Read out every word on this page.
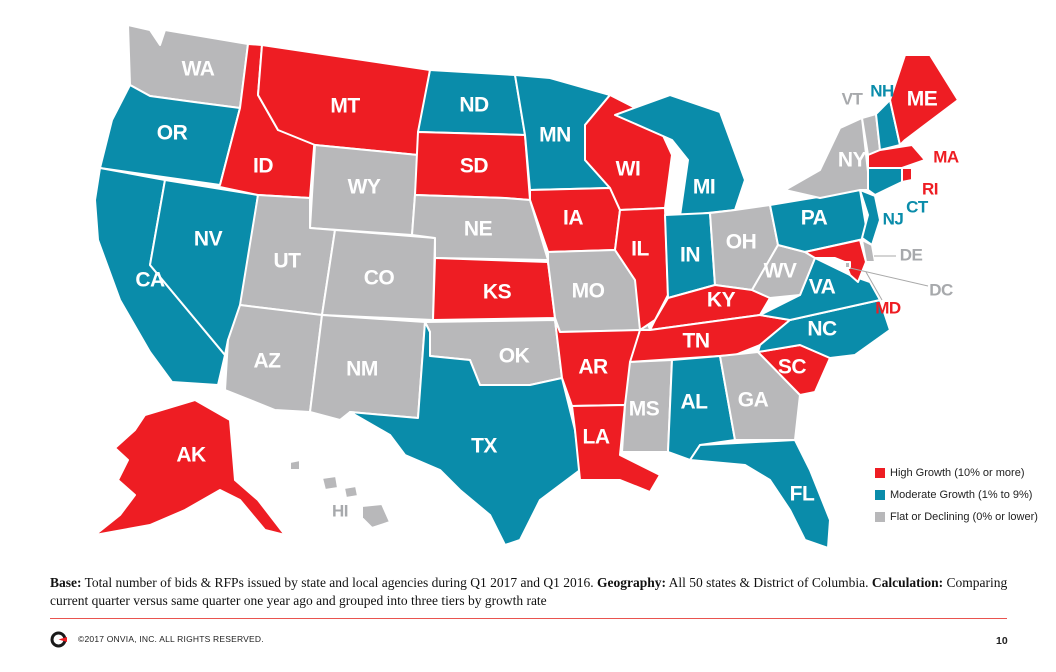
WA
OR
CA
NV
ID
MT
WY
UT
AZ
CO
NM
ND
SD
NE
KS
OK
TX
MN
IA
MO
AR
LA
WI
IL
MI
IN
OH
KY
TN
MS AL GA
FL
SC
NC
VA
WV
PA
NY
AK
VT NH ME
MA
RI
CT
NJ
DE
MD
DC
HI
High Growth (10% or more)
Moderate Growth (1% to 9%)
Flat or Declining (0% or lower)
Base: Total number of bids & RFPs issued by state and local agencies during Q1 2017 and Q1 2016. Geography: All 50 states & District of Columbia. Calculation: Comparing current quarter versus same quarter one year ago and grouped into three tiers by growth rate
©2017 ONVIA, INC. ALL RIGHTS RESERVED.	10
